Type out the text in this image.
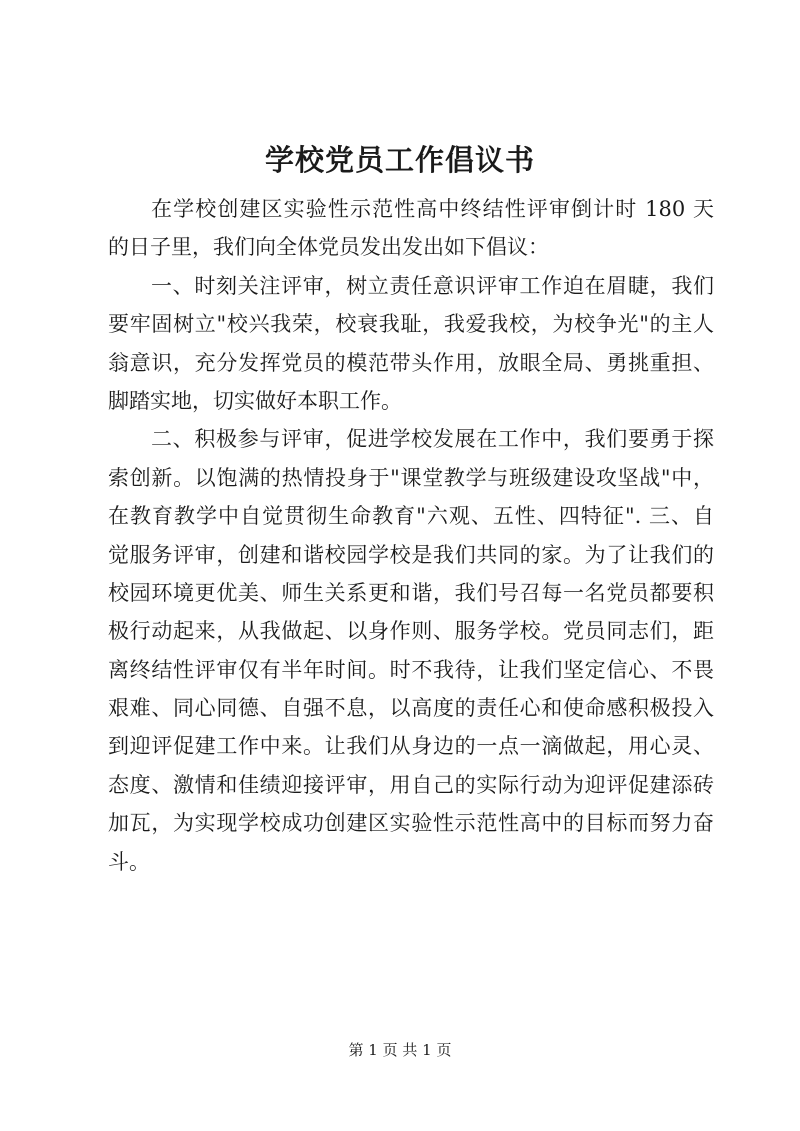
学校党员工作倡议书
在学校创建区实验性示范性高中终结性评审倒计时 180 天
的日子里，我们向全体党员发出发出如下倡议：
一、时刻关注评审，树立责任意识评审工作迫在眉睫，我们
要牢固树立"校兴我荣，校衰我耻，我爱我校，为校争光"的主人
翁意识，充分发挥党员的模范带头作用，放眼全局、勇挑重担、
脚踏实地，切实做好本职工作。
二、积极参与评审，促进学校发展在工作中，我们要勇于探
索创新。以饱满的热情投身于"课堂教学与班级建设攻坚战"中，
在教育教学中自觉贯彻生命教育"六观、五性、四特征". 三、自
觉服务评审，创建和谐校园学校是我们共同的家。为了让我们的
校园环境更优美、师生关系更和谐，我们号召每一名党员都要积
极行动起来，从我做起、以身作则、服务学校。党员同志们，距
离终结性评审仅有半年时间。时不我待，让我们坚定信心、不畏
艰难、同心同德、自强不息，以高度的责任心和使命感积极投入
到迎评促建工作中来。让我们从身边的一点一滴做起，用心灵、
态度、激情和佳绩迎接评审，用自己的实际行动为迎评促建添砖
加瓦，为实现学校成功创建区实验性示范性高中的目标而努力奋
斗。
第 1 页 共 1 页
